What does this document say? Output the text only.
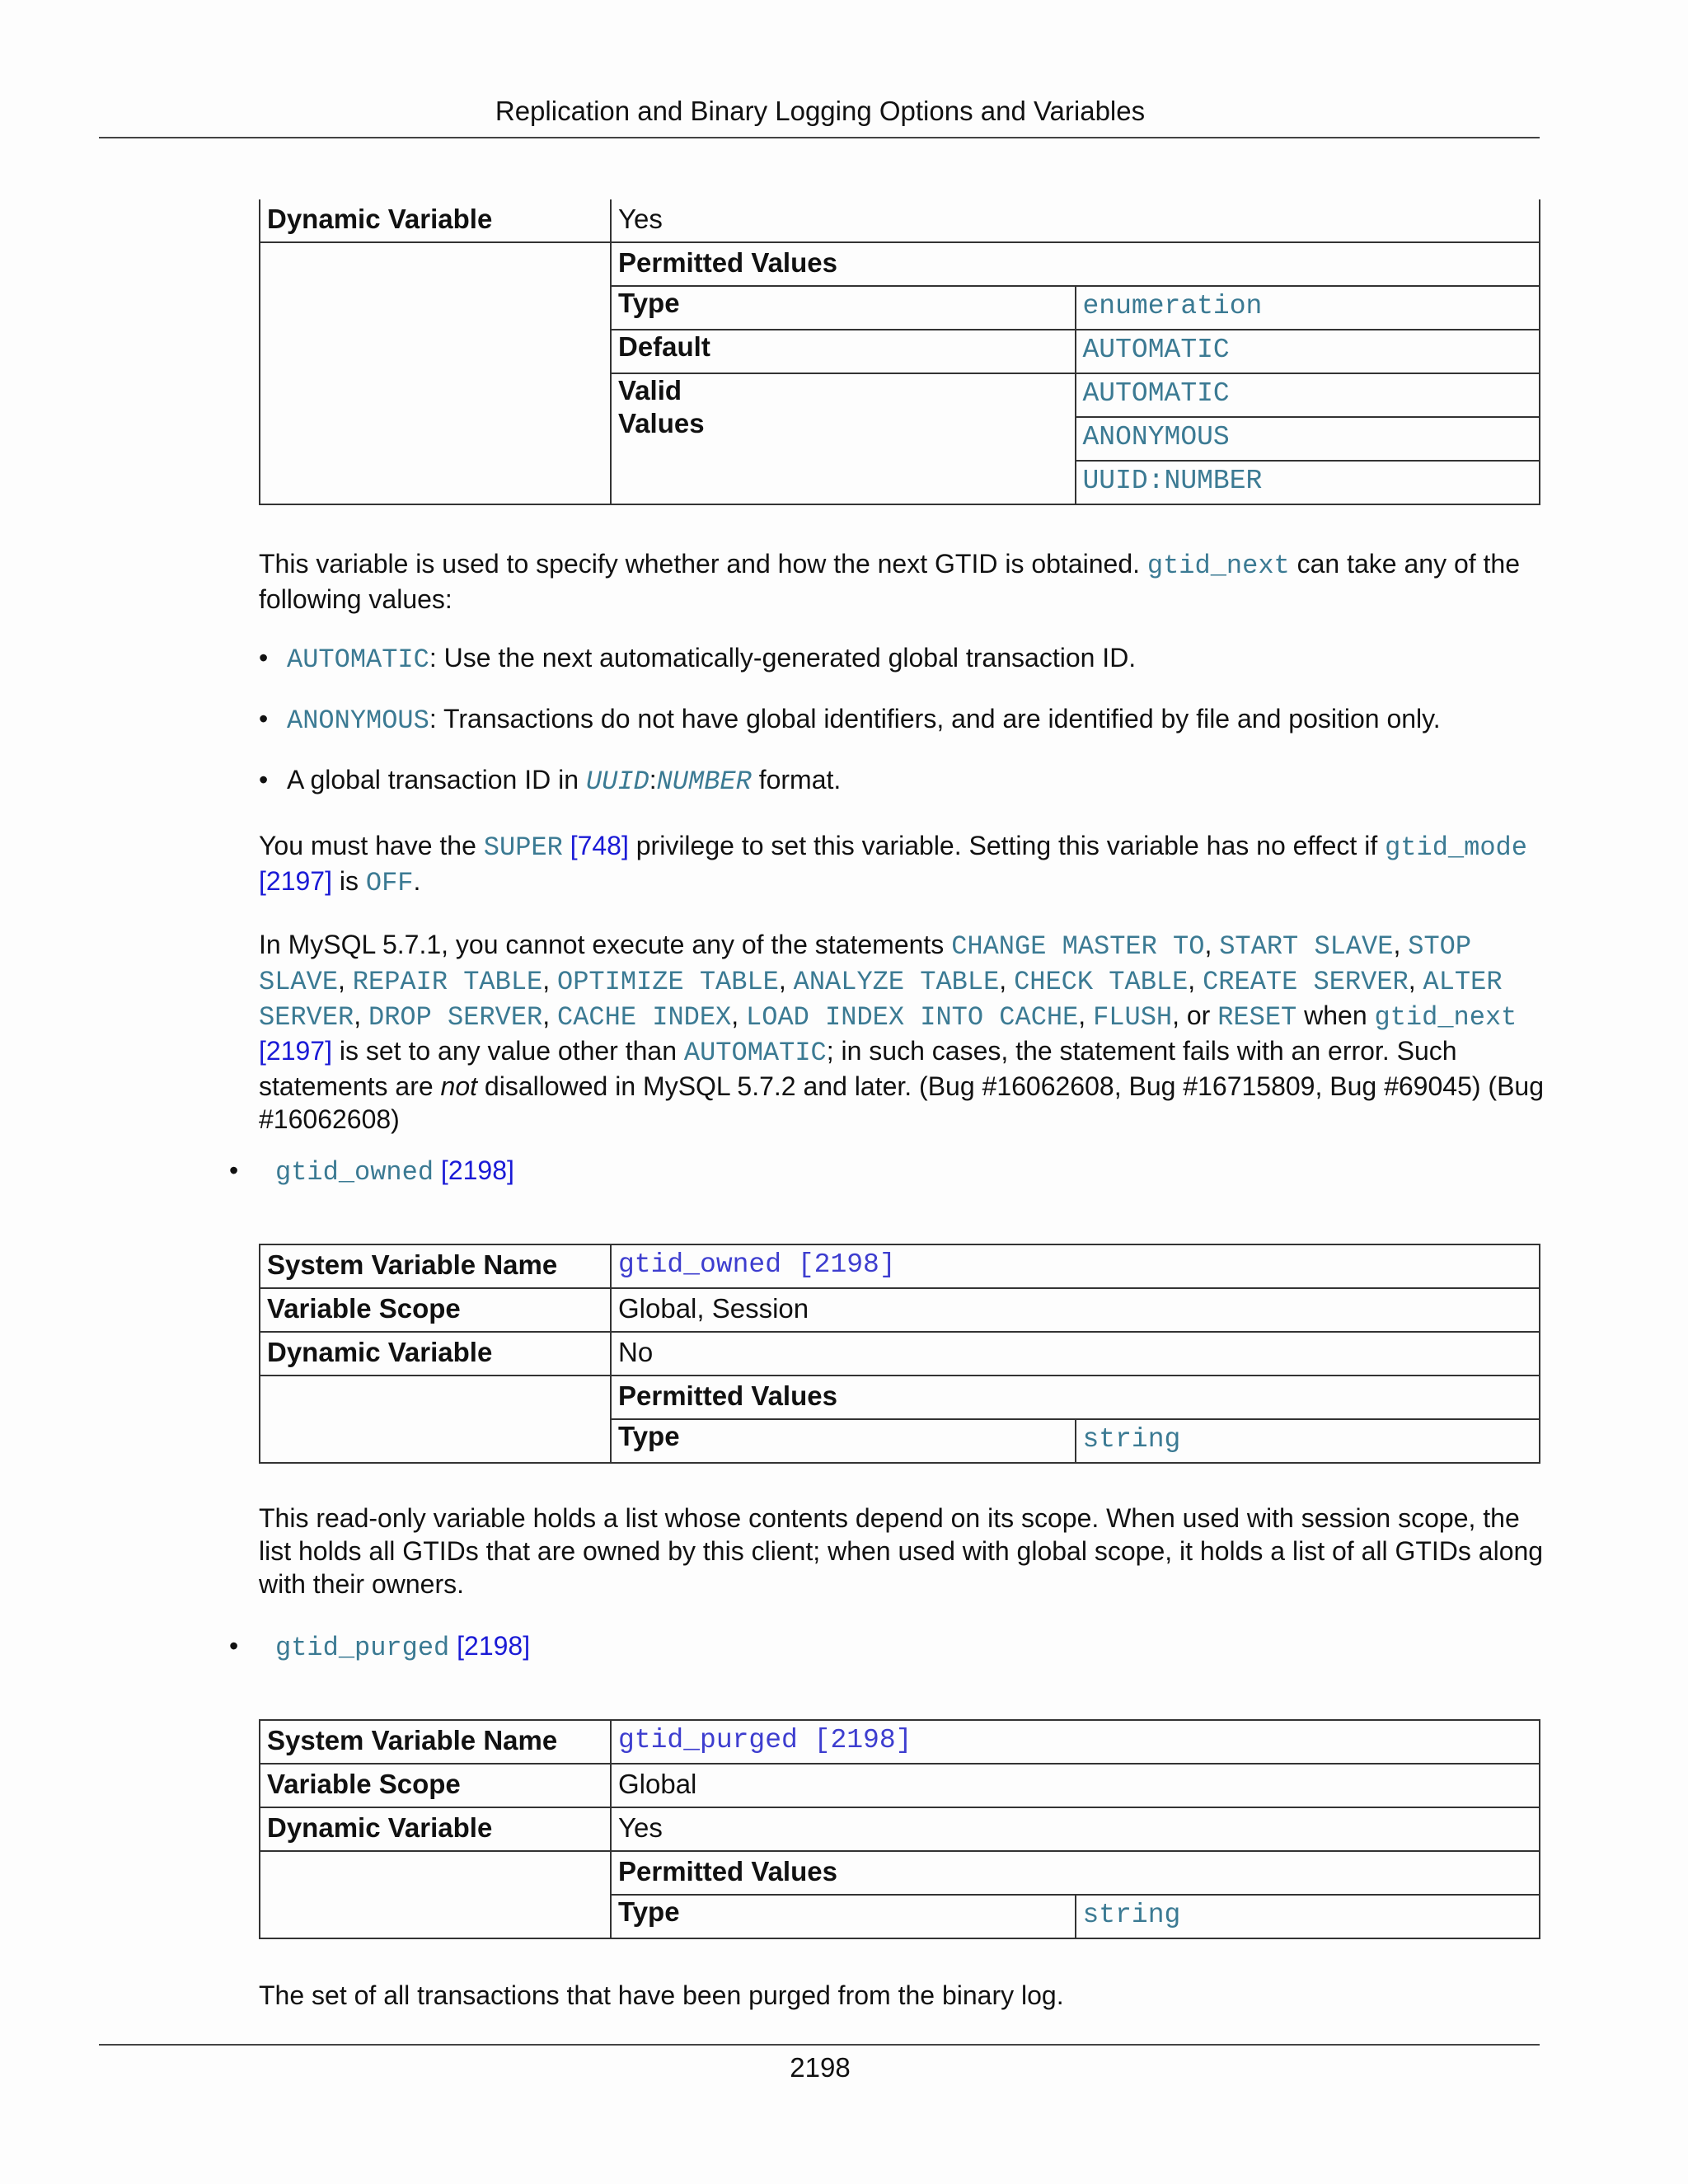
Replication and Binary Logging Options and Variables
Dynamic Variable	Yes	
	Permitted Values	
	Type	enumeration
	Default	AUTOMATIC
	Valid
Values	AUTOMATIC
		ANONYMOUS
		UUID:NUMBER
This variable is used to specify whether and how the next GTID is obtained. gtid_next can take any of the following values:
• AUTOMATIC: Use the next automatically-generated global transaction ID.
• ANONYMOUS: Transactions do not have global identifiers, and are identified by file and position only.
• A global transaction ID in UUID:NUMBER format.
You must have the SUPER [748] privilege to set this variable. Setting this variable has no effect if gtid_mode [2197] is OFF.
In MySQL 5.7.1, you cannot execute any of the statements CHANGE MASTER TO, START SLAVE, STOP SLAVE, REPAIR TABLE, OPTIMIZE TABLE, ANALYZE TABLE, CHECK TABLE, CREATE SERVER, ALTER SERVER, DROP SERVER, CACHE INDEX, LOAD INDEX INTO CACHE, FLUSH, or RESET when gtid_next [2197] is set to any value other than AUTOMATIC; in such cases, the statement fails with an error. Such statements are not disallowed in MySQL 5.7.2 and later. (Bug #16062608, Bug #16715809, Bug #69045) (Bug #16062608)
• gtid_owned [2198]
System Variable Name	gtid_owned [2198]	
Variable Scope	Global, Session	
Dynamic Variable	No	
	Permitted Values	
	Type	string
This read-only variable holds a list whose contents depend on its scope. When used with session scope, the list holds all GTIDs that are owned by this client; when used with global scope, it holds a list of all GTIDs along with their owners.
• gtid_purged [2198]
System Variable Name	gtid_purged [2198]	
Variable Scope	Global	
Dynamic Variable	Yes	
	Permitted Values	
	Type	string
The set of all transactions that have been purged from the binary log.
2198
